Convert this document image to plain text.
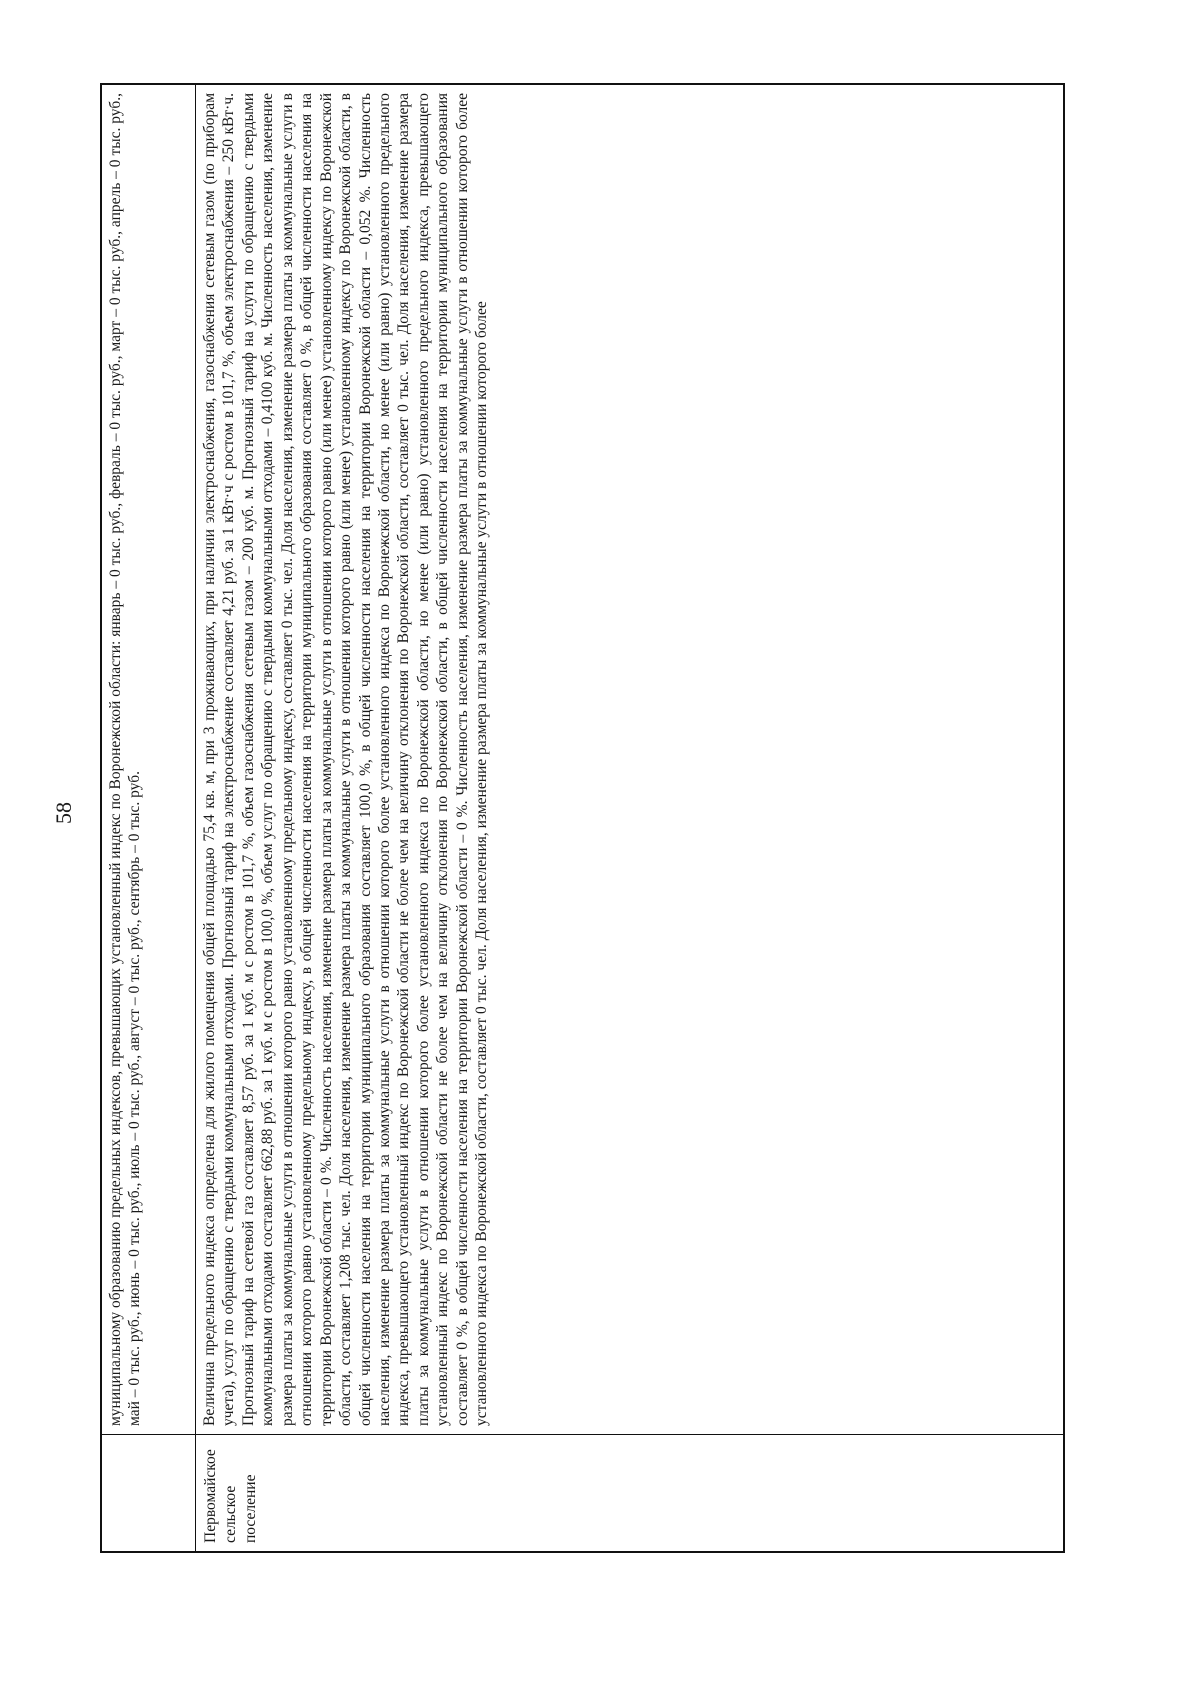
58	муниципальному образованию предельных индексов, превышающих установленный индекс по Воронежской области: январь – 0 тыс. руб., февраль – 0 тыс. руб., март – 0 тыс. руб., апрель – 0 тыс. руб., май – 0 тыс. руб., июнь – 0 тыс. руб., июль – 0 тыс. руб., август – 0 тыс. руб., сентябрь – 0 тыс. руб.
Первомайское сельское поселение
Величина предельного индекса определена для жилого помещения общей площадью 75,4 кв. м, при 3 проживающих, при наличии электроснабжения, газоснабжения сетевым газом (по приборам учета), услуг по обращению с твердыми коммунальными отходами. Прогнозный тариф на электроснабжение составляет 4,21 руб. за 1 кВт·ч с ростом в 101,7 %, объем электроснабжения – 250 кВт·ч. Прогнозный тариф на сетевой газ составляет 8,57 руб. за 1 куб. м с ростом в 101,7 %, объем газоснабжения сетевым газом – 200 куб. м. Прогнозный тариф на услуги по обращению с твердыми коммунальными отходами составляет 662,88 руб. за 1 куб. м с ростом в 100,0 %, объем услуг по обращению с твердыми коммунальными отходами – 0,4100 куб. м. Численность населения, изменение размера платы за коммунальные услуги в отношении которого равно установленному предельному индексу, составляет 0 тыс. чел. Доля населения, изменение размера платы за коммунальные услуги в отношении которого равно установленному предельному индексу, в общей численности населения на территории муниципального образования составляет 0 %, в общей численности населения на территории Воронежской области – 0 %. Численность населения, изменение размера платы за коммунальные услуги в отношении которого равно (или менее) установленному индексу по Воронежской области, составляет 1,208 тыс. чел. Доля населения, изменение размера платы за коммунальные услуги в отношении которого равно (или менее) установленному индексу по Воронежской области, в общей численности населения на территории муниципального образования составляет 100,0 %, в общей численности населения на территории Воронежской области – 0,052 %. Численность населения, изменение размера платы за коммунальные услуги в отношении которого более установленного индекса по Воронежской области, но менее (или равно) установленного предельного индекса, превышающего установленный индекс по Воронежской области не более чем на величину отклонения по Воронежской области, составляет 0 тыс. чел. Доля населения, изменение размера платы за коммунальные услуги в отношении которого более установленного индекса по Воронежской области, но менее (или равно) установленного предельного индекса, превышающего установленный индекс по Воронежской области не более чем на величину отклонения по Воронежской области, в общей численности населения на территории муниципального образования составляет 0 %, в общей численности населения на территории Воронежской области – 0 %. Численность населения, изменение размера платы за коммунальные услуги в отношении которого более установленного индекса по Воронежской области, составляет 0 тыс. чел. Доля населения, изменение размера платы за коммунальные услуги в отношении которого более
